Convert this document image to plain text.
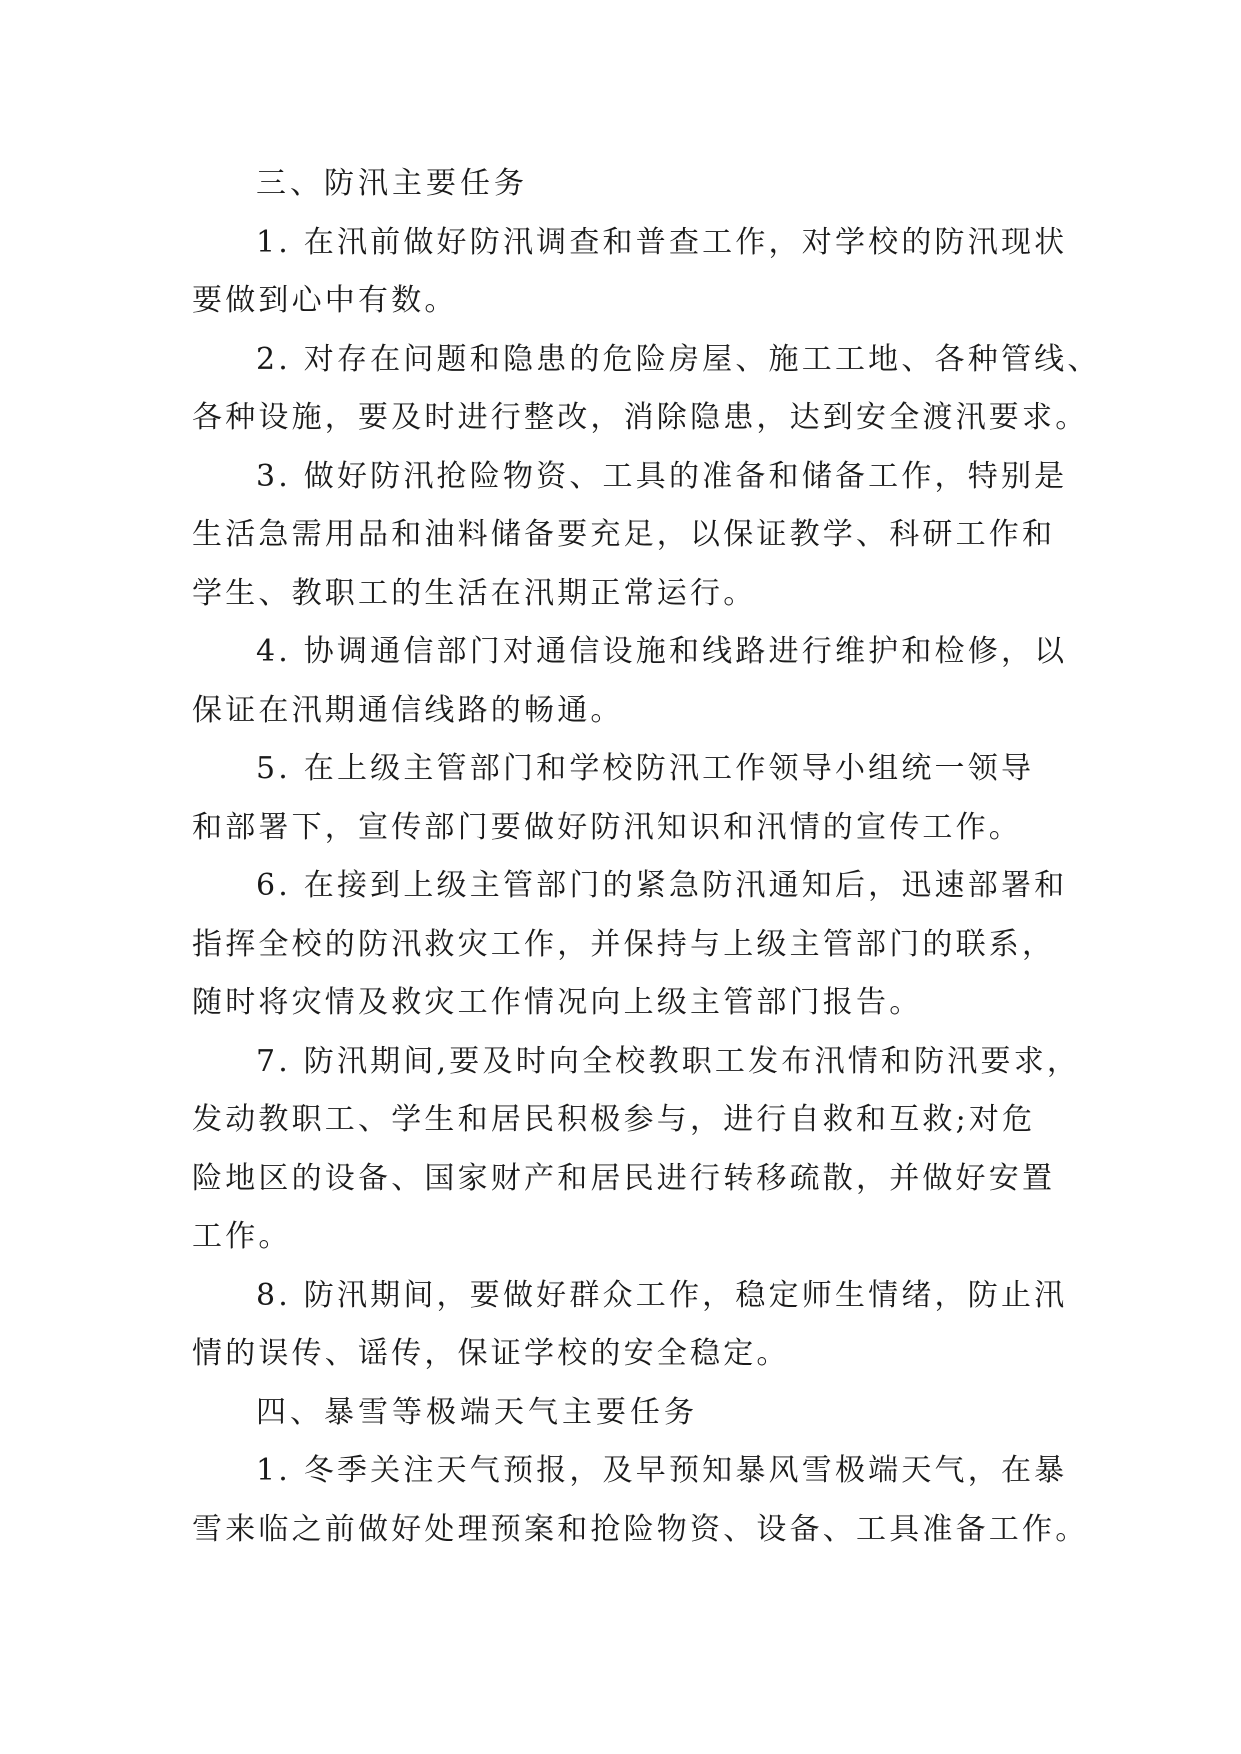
三、防汛主要任务

1. 在汛前做好防汛调查和普查工作，对学校的防汛现状
要做到心中有数。

2. 对存在问题和隐患的危险房屋、施工工地、各种管线、
各种设施，要及时进行整改，消除隐患，达到安全渡汛要求。

3. 做好防汛抢险物资、工具的准备和储备工作，特别是
生活急需用品和油料储备要充足，以保证教学、科研工作和
学生、教职工的生活在汛期正常运行。

4. 协调通信部门对通信设施和线路进行维护和检修，以
保证在汛期通信线路的畅通。

5. 在上级主管部门和学校防汛工作领导小组统一领导
和部署下，宣传部门要做好防汛知识和汛情的宣传工作。

6. 在接到上级主管部门的紧急防汛通知后，迅速部署和
指挥全校的防汛救灾工作，并保持与上级主管部门的联系，
随时将灾情及救灾工作情况向上级主管部门报告。

7. 防汛期间,要及时向全校教职工发布汛情和防汛要求，
发动教职工、学生和居民积极参与，进行自救和互救;对危
险地区的设备、国家财产和居民进行转移疏散，并做好安置
工作。

8. 防汛期间，要做好群众工作，稳定师生情绪，防止汛
情的误传、谣传，保证学校的安全稳定。

四、暴雪等极端天气主要任务

1. 冬季关注天气预报，及早预知暴风雪极端天气，在暴
雪来临之前做好处理预案和抢险物资、设备、工具准备工作。
